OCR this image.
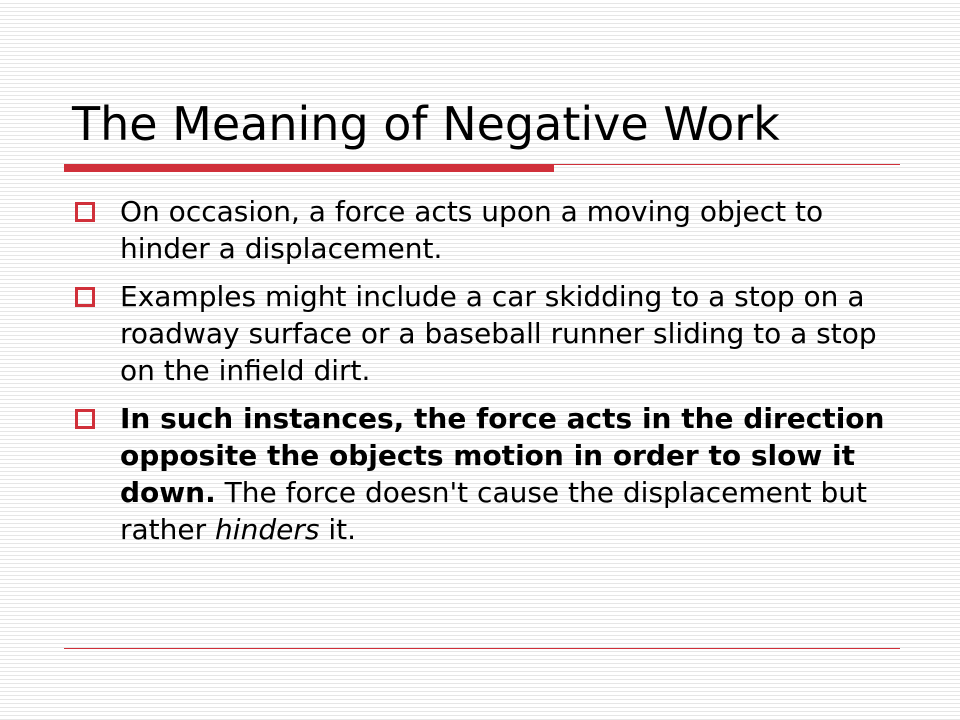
The Meaning of Negative Work
On occasion, a force acts upon a moving object to hinder a displacement.
Examples might include a car skidding to a stop on a roadway surface or a baseball runner sliding to a stop on the infield dirt.
In such instances, the force acts in the direction opposite the objects motion in order to slow it down. The force doesn't cause the displacement but rather hinders it.
